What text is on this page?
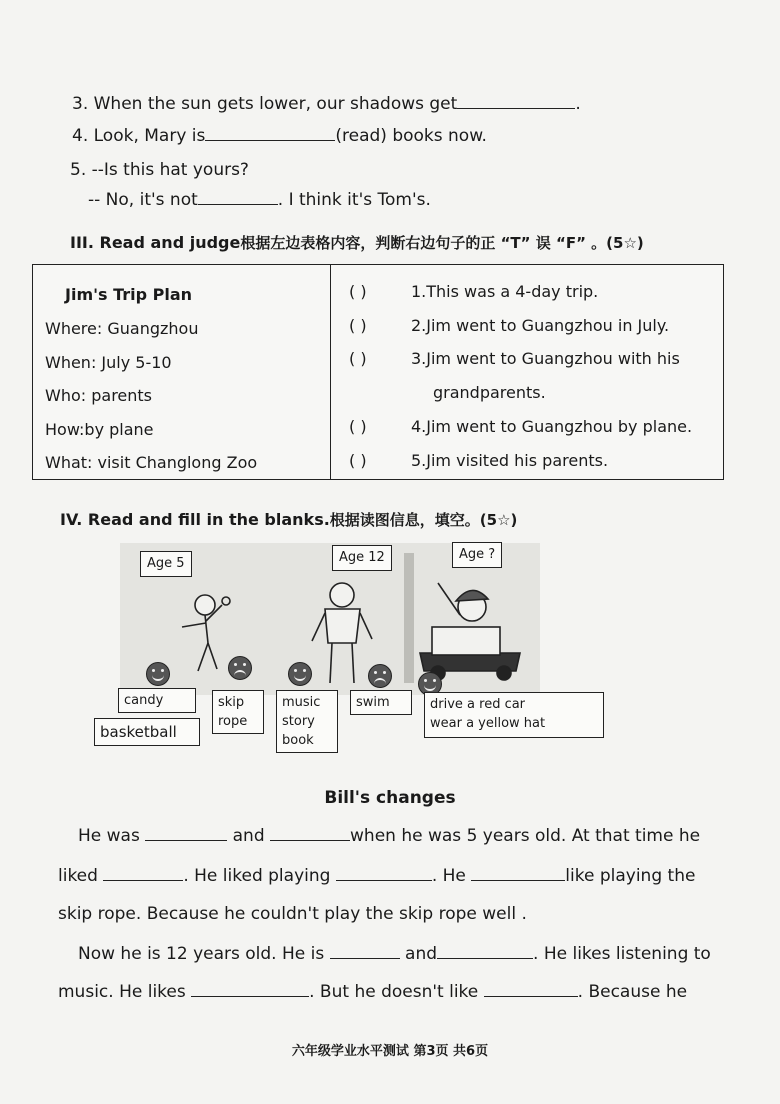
3. When the sun gets lower, our shadows get	.
4. Look, Mary is	(read) books now.
5. --Is this hat yours?
-- No, it's not	. I think it's Tom's.
III. Read and judge根据左边表格内容，判断右边句子的正 “T” 误 “F” 。(5☆)
Jim's Trip Plan
Where: Guangzhou
When: July 5-10
Who: parents
How:by plane
What: visit Changlong Zoo
( )	1.This was a 4-day trip.
( )	2.Jim went to Guangzhou in July.
( )	3.Jim went to Guangzhou with his
grandparents.
( )	4.Jim went to Guangzhou by plane.
( )	5.Jim visited his parents.
IV. Read and fill in the blanks.根据读图信息，填空。(5☆)
Age 5	Age 12	Age ?
candy
basketball
skip rope
music story book
swim	drive a red car
wear a yellow hat
Bill's changes
He was	and	when he was 5 years old. At that time he
liked	. He liked playing	. He	like playing the
skip rope. Because he couldn't play the skip rope well .
Now he is 12 years old. He is	and	. He likes listening to
music. He likes	. But he doesn't like	. Because he
六年级学业水平测试 第3页 共6页
